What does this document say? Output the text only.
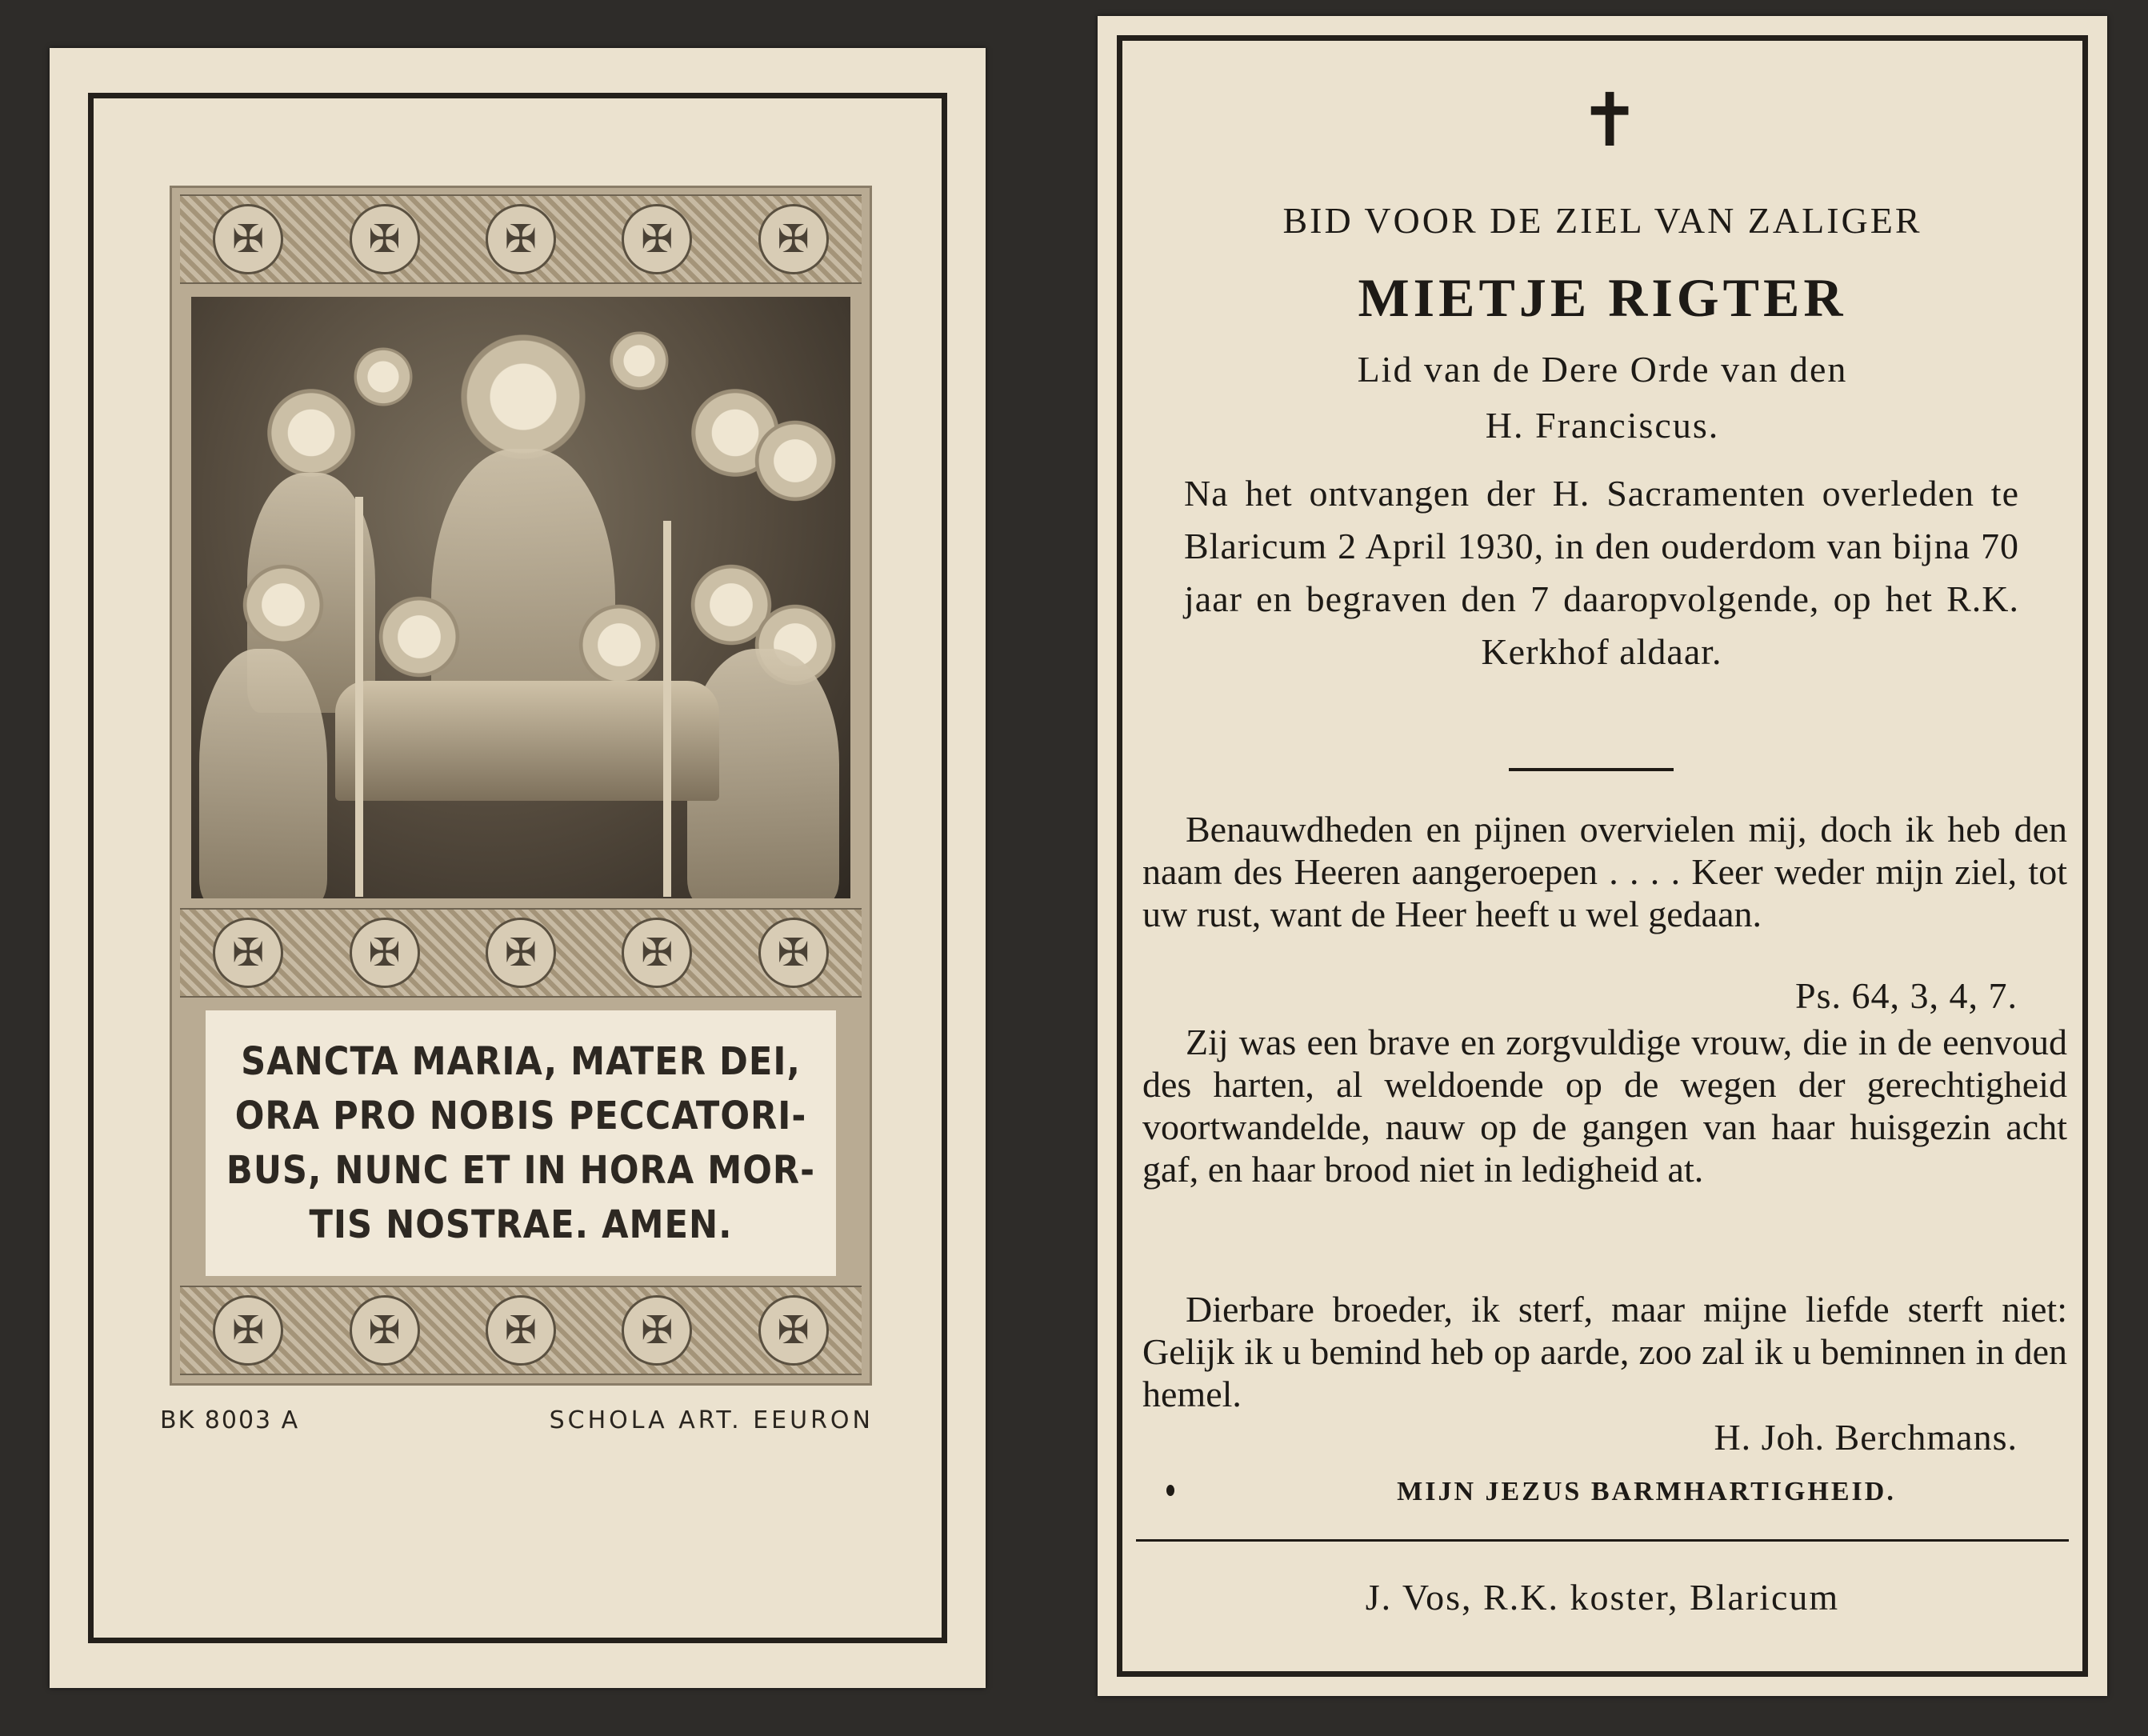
✠	✠	✠	✠	✠
✠	✠	✠	✠	✠

SANCTA MARIA, MATER DEI,
ORA PRO NOBIS PECCATORI-
BUS, NUNC ET IN HORA MOR-
TIS NOSTRAE. AMEN.

✠	✠	✠	✠	✠
BK 8003 A	SCHOLA ART. EEURON
✝
BID VOOR DE ZIEL VAN ZALIGER
MIETJE RIGTER
Lid van de Dere Orde van den
H. Franciscus.
Na het ontvangen der H. Sacramenten overleden te Blaricum 2 April 1930, in den ouderdom van bijna 70 jaar en begraven den 7 daaropvolgende, op het R.K. Kerkhof aldaar.
Benauwdheden en pijnen overvielen mij, doch ik heb den naam des Heeren aangeroepen . . . . Keer weder mijn ziel, tot uw rust, want de Heer heeft u wel gedaan.
Ps. 64, 3, 4, 7.
Zij was een brave en zorgvuldige vrouw, die in de eenvoud des harten, al weldoende op de wegen der gerechtigheid voortwandelde, nauw op de gangen van haar huisgezin acht gaf, en haar brood niet in ledigheid at.
Dierbare broeder, ik sterf, maar mijne liefde sterft niet: Gelijk ik u bemind heb op aarde, zoo zal ik u beminnen in den hemel.
H. Joh. Berchmans.
MIJN JEZUS BARMHARTIGHEID.
J. Vos, R.K. koster, Blaricum
